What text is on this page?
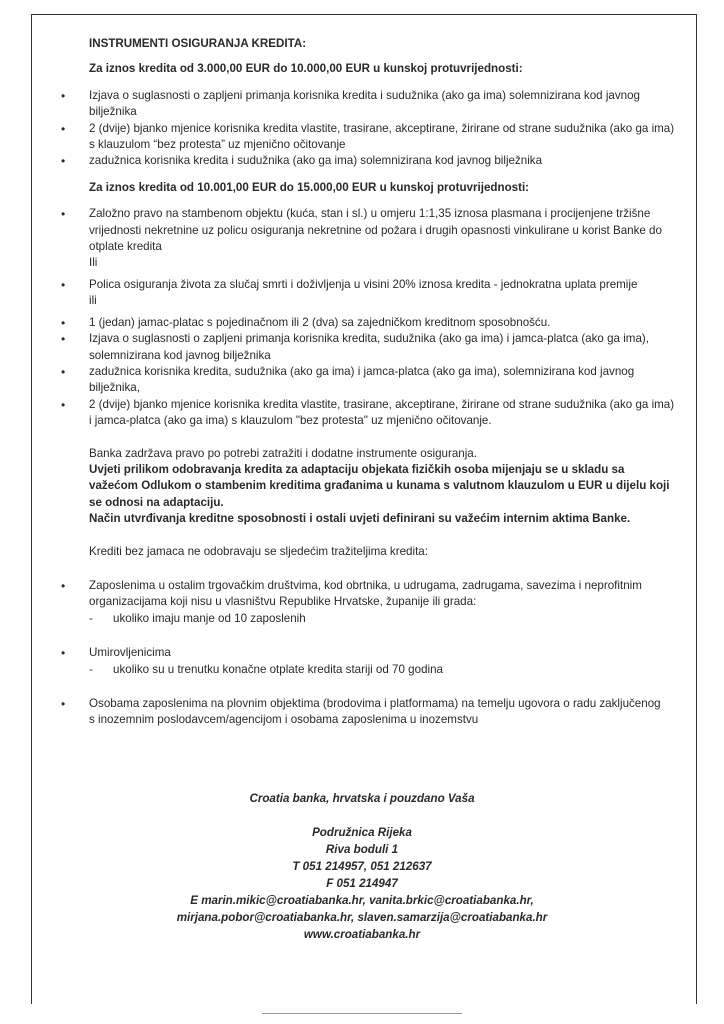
INSTRUMENTI OSIGURANJA KREDITA:
Za iznos kredita od 3.000,00 EUR do 10.000,00 EUR u kunskoj protuvrijednosti:
• Izjava o suglasnosti o zapljeni primanja korisnika kredita i sudužnika (ako ga ima) solemnizirana kod javnog bilježnika
• 2 (dvije) bjanko mjenice korisnika kredita vlastite, trasirane, akceptirane, žirirane od strane sudužnika (ako ga ima) s klauzulom “bez protesta” uz mjenično očitovanje
• zadužnica korisnika kredita i sudužnika (ako ga ima) solemnizirana kod javnog bilježnika
Za iznos kredita od 10.001,00 EUR do 15.000,00 EUR u kunskoj protuvrijednosti:
• Založno pravo na stambenom objektu (kuća, stan i sl.) u omjeru 1:1,35 iznosa plasmana i procijenjene tržišne vrijednosti nekretnine uz policu osiguranja nekretnine od požara i drugih opasnosti vinkulirane u korist Banke do otplate kredita
Ili
• Polica osiguranja života za slučaj smrti i doživljenja u visini 20% iznosa kredita - jednokratna uplata premije
ili
• 1 (jedan) jamac-platac s pojedinačnom ili 2 (dva) sa zajedničkom kreditnom sposobnošću.
• Izjava o suglasnosti o zapljeni primanja korisnika kredita, sudužnika (ako ga ima) i jamca-platca (ako ga ima), solemnizirana kod javnog bilježnika
• zadužnica korisnika kredita, sudužnika (ako ga ima) i jamca-platca (ako ga ima), solemnizirana kod javnog bilježnika,
• 2 (dvije) bjanko mjenice korisnika kredita vlastite, trasirane, akceptirane, žirirane od strane sudužnika (ako ga ima) i jamca-platca (ako ga ima) s klauzulom "bez protesta" uz mjenično očitovanje.
Banka zadržava pravo po potrebi zatražiti i dodatne instrumente osiguranja.
Uvjeti prilikom odobravanja kredita za adaptaciju objekata fizičkih osoba mijenjaju se u skladu sa važećom Odlukom o stambenim kreditima građanima u kunama s valutnom klauzulom u EUR u dijelu koji se odnosi na adaptaciju.
Način utvrđivanja kreditne sposobnosti i ostali uvjeti definirani su važećim internim aktima Banke.
Krediti bez jamaca ne odobravaju se sljedećim tražiteljima kredita:
• Zaposlenima u ostalim trgovačkim društvima, kod obrtnika, u udrugama, zadrugama, savezima i neprofitnim organizacijama koji nisu u vlasništvu Republike Hrvatske, županije ili grada:
- ukoliko imaju manje od 10 zaposlenih
• Umirovljenicima
- ukoliko su u trenutku konačne otplate kredita stariji od 70 godina
• Osobama zaposlenima na plovnim objektima (brodovima i platformama) na temelju ugovora o radu zaključenog s inozemnim poslodavcem/agencijom i osobama zaposlenima u inozemstvu
Croatia banka, hrvatska i pouzdano Vaša
Podružnica Rijeka
Riva boduli 1
T 051 214957, 051 212637
F 051 214947
E marin.mikic@croatiabanka.hr, vanita.brkic@croatiabanka.hr,
mirjana.pobor@croatiabanka.hr, slaven.samarzija@croatiabanka.hr
www.croatiabanka.hr
